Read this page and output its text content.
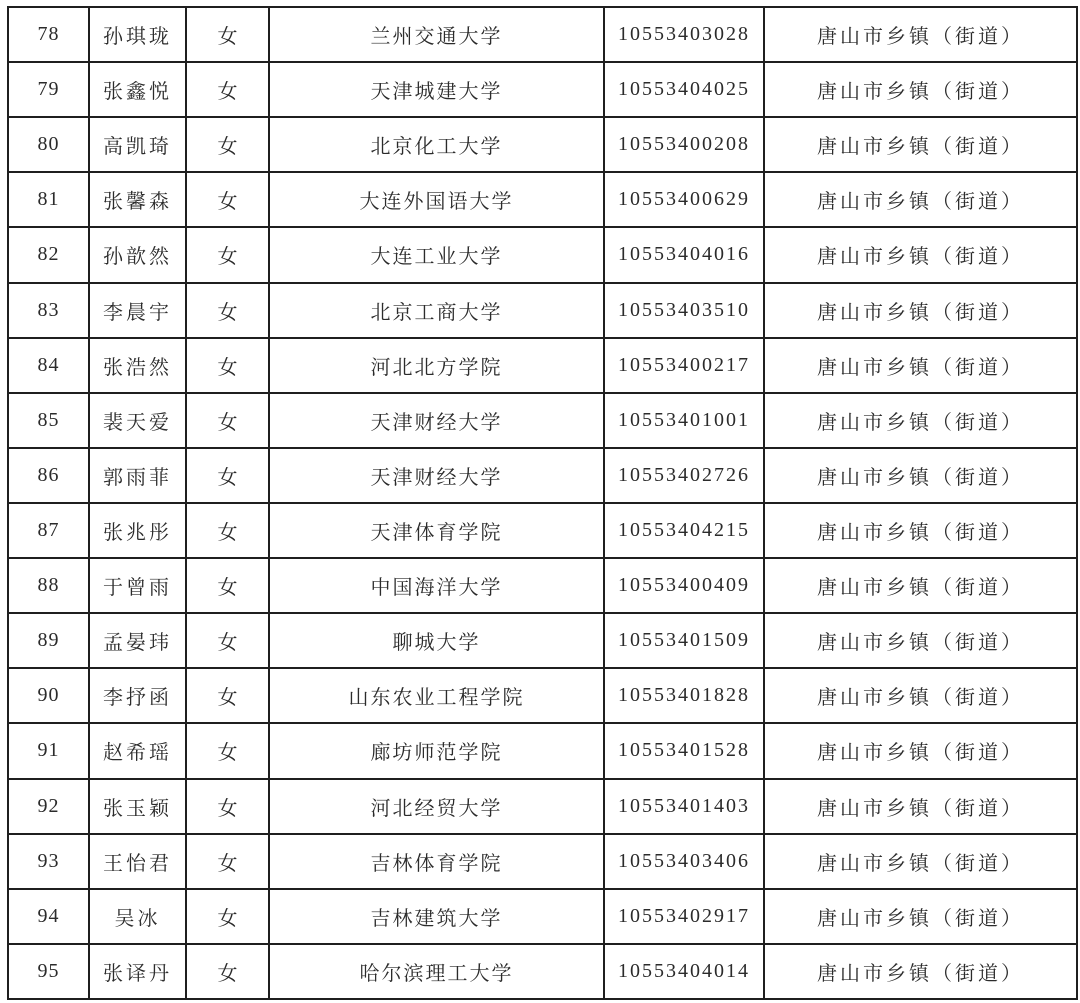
78	孙琪珑	女	兰州交通大学	10553403028	唐山市乡镇（街道）
79	张鑫悦	女	天津城建大学	10553404025	唐山市乡镇（街道）
80	高凯琦	女	北京化工大学	10553400208	唐山市乡镇（街道）
81	张馨森	女	大连外国语大学	10553400629	唐山市乡镇（街道）
82	孙歆然	女	大连工业大学	10553404016	唐山市乡镇（街道）
83	李晨宇	女	北京工商大学	10553403510	唐山市乡镇（街道）
84	张浩然	女	河北北方学院	10553400217	唐山市乡镇（街道）
85	裴天爱	女	天津财经大学	10553401001	唐山市乡镇（街道）
86	郭雨菲	女	天津财经大学	10553402726	唐山市乡镇（街道）
87	张兆彤	女	天津体育学院	10553404215	唐山市乡镇（街道）
88	于曾雨	女	中国海洋大学	10553400409	唐山市乡镇（街道）
89	孟晏玮	女	聊城大学	10553401509	唐山市乡镇（街道）
90	李抒函	女	山东农业工程学院	10553401828	唐山市乡镇（街道）
91	赵希瑶	女	廊坊师范学院	10553401528	唐山市乡镇（街道）
92	张玉颖	女	河北经贸大学	10553401403	唐山市乡镇（街道）
93	王怡君	女	吉林体育学院	10553403406	唐山市乡镇（街道）
94	吴冰	女	吉林建筑大学	10553402917	唐山市乡镇（街道）
95	张译丹	女	哈尔滨理工大学	10553404014	唐山市乡镇（街道）
